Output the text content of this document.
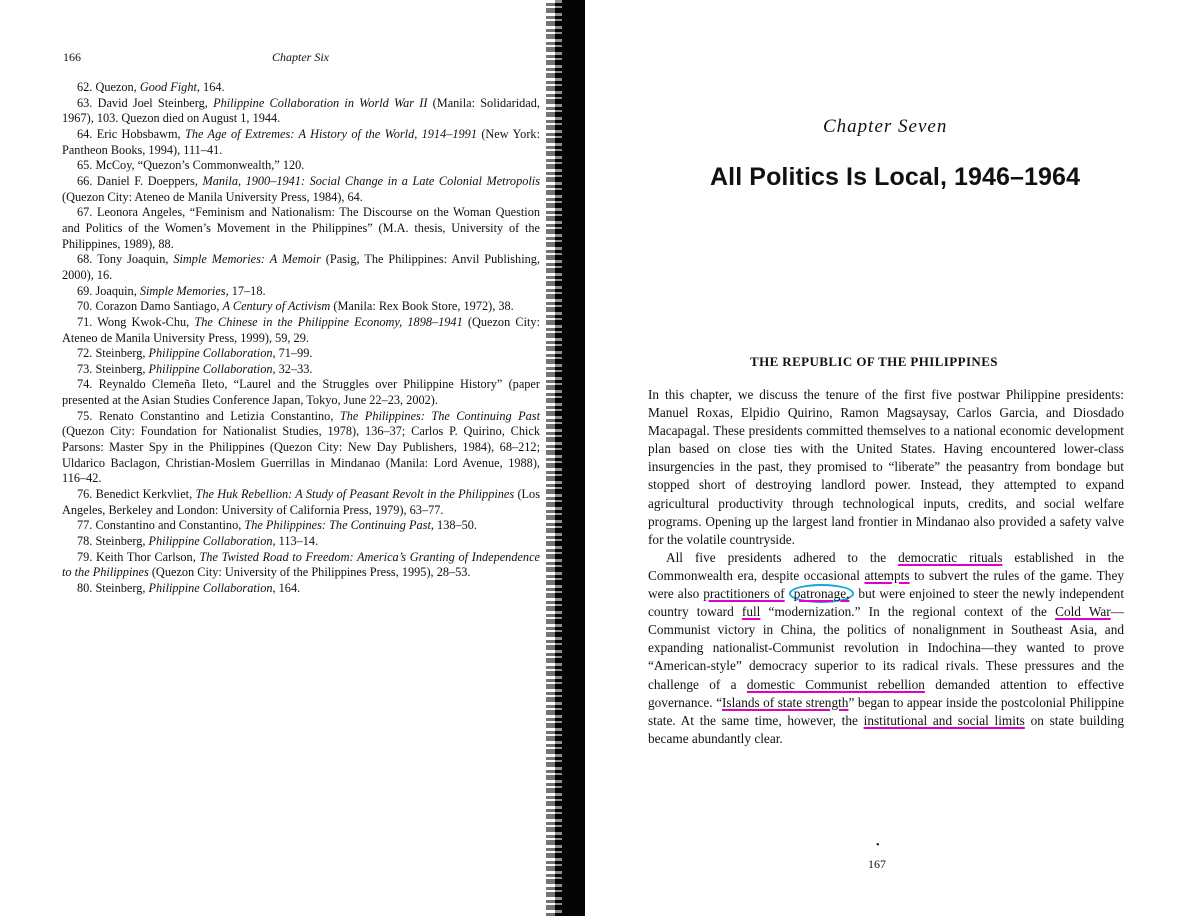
166	Chapter Six

62. Quezon, Good Fight, 164.

63. David Joel Steinberg, Philippine Collaboration in World War II (Manila: Solidaridad, 1967), 103. Quezon died on August 1, 1944.

64. Eric Hobsbawm, The Age of Extremes: A History of the World, 1914–1991 (New York: Pantheon Books, 1994), 111–41.

65. McCoy, “Quezon’s Commonwealth,” 120.

66. Daniel F. Doeppers, Manila, 1900–1941: Social Change in a Late Colonial Metropolis (Quezon City: Ateneo de Manila University Press, 1984), 64.

67. Leonora Angeles, “Feminism and Nationalism: The Discourse on the Woman Question and Politics of the Women’s Movement in the Philippines” (M.A. thesis, University of the Philippines, 1989), 88.

68. Tony Joaquin, Simple Memories: A Memoir (Pasig, The Philippines: Anvil Publishing, 2000), 16.

69. Joaquin, Simple Memories, 17–18.

70. Corazon Damo Santiago, A Century of Activism (Manila: Rex Book Store, 1972), 38.

71. Wong Kwok-Chu, The Chinese in the Philippine Economy, 1898–1941 (Quezon City: Ateneo de Manila University Press, 1999), 59, 29.

72. Steinberg, Philippine Collaboration, 71–99.

73. Steinberg, Philippine Collaboration, 32–33.

74. Reynaldo Clemeña Ileto, “Laurel and the Struggles over Philippine History” (paper presented at the Asian Studies Conference Japan, Tokyo, June 22–23, 2002).

75. Renato Constantino and Letizia Constantino, The Philippines: The Continuing Past (Quezon City: Foundation for Nationalist Studies, 1978), 136–37; Carlos P. Quirino, Chick Parsons: Master Spy in the Philippines (Quezon City: New Day Publishers, 1984), 68–212; Uldarico Baclagon, Christian-Moslem Guerrillas in Mindanao (Manila: Lord Avenue, 1988), 116–42.

76. Benedict Kerkvliet, The Huk Rebellion: A Study of Peasant Revolt in the Philippines (Los Angeles, Berkeley and London: University of California Press, 1979), 63–77.

77. Constantino and Constantino, The Philippines: The Continuing Past, 138–50.

78. Steinberg, Philippine Collaboration, 113–14.

79. Keith Thor Carlson, The Twisted Road to Freedom: America’s Granting of Independence to the Philippines (Quezon City: University of the Philippines Press, 1995), 28–53.

80. Steinberg, Philippine Collaboration, 164.

Chapter Seven
All Politics Is Local, 1946–1964
THE REPUBLIC OF THE PHILIPPINES

In this chapter, we discuss the tenure of the first five postwar Philippine presidents: Manuel Roxas, Elpidio Quirino, Ramon Magsaysay, Carlos Garcia, and Diosdado Macapagal. These presidents committed themselves to a national economic development plan based on close ties with the United States. Having encountered lower-class insurgencies in the past, they promised to “liberate” the peasantry from bondage but stopped short of destroying landlord power. Instead, they attempted to expand agricultural productivity through technological inputs, credits, and social welfare programs. Opening up the largest land frontier in Mindanao also provided a safety valve for the volatile countryside.

All five presidents adhered to the democratic rituals established in the Commonwealth era, despite occasional attempts to subvert the rules of the game. They were also practitioners of patronage, but were enjoined to steer the newly independent country toward full “modernization.” In the regional context of the Cold War—Communist victory in China, the politics of nonalignment in Southeast Asia, and expanding nationalist-Communist revolution in Indochina—they wanted to prove “American-style” democracy superior to its radical rivals. These pressures and the challenge of a domestic Communist rebellion demanded attention to effective governance. “Islands of state strength” began to appear inside the postcolonial Philippine state. At the same time, however, the institutional and social limits on state building became abundantly clear.

•
167
